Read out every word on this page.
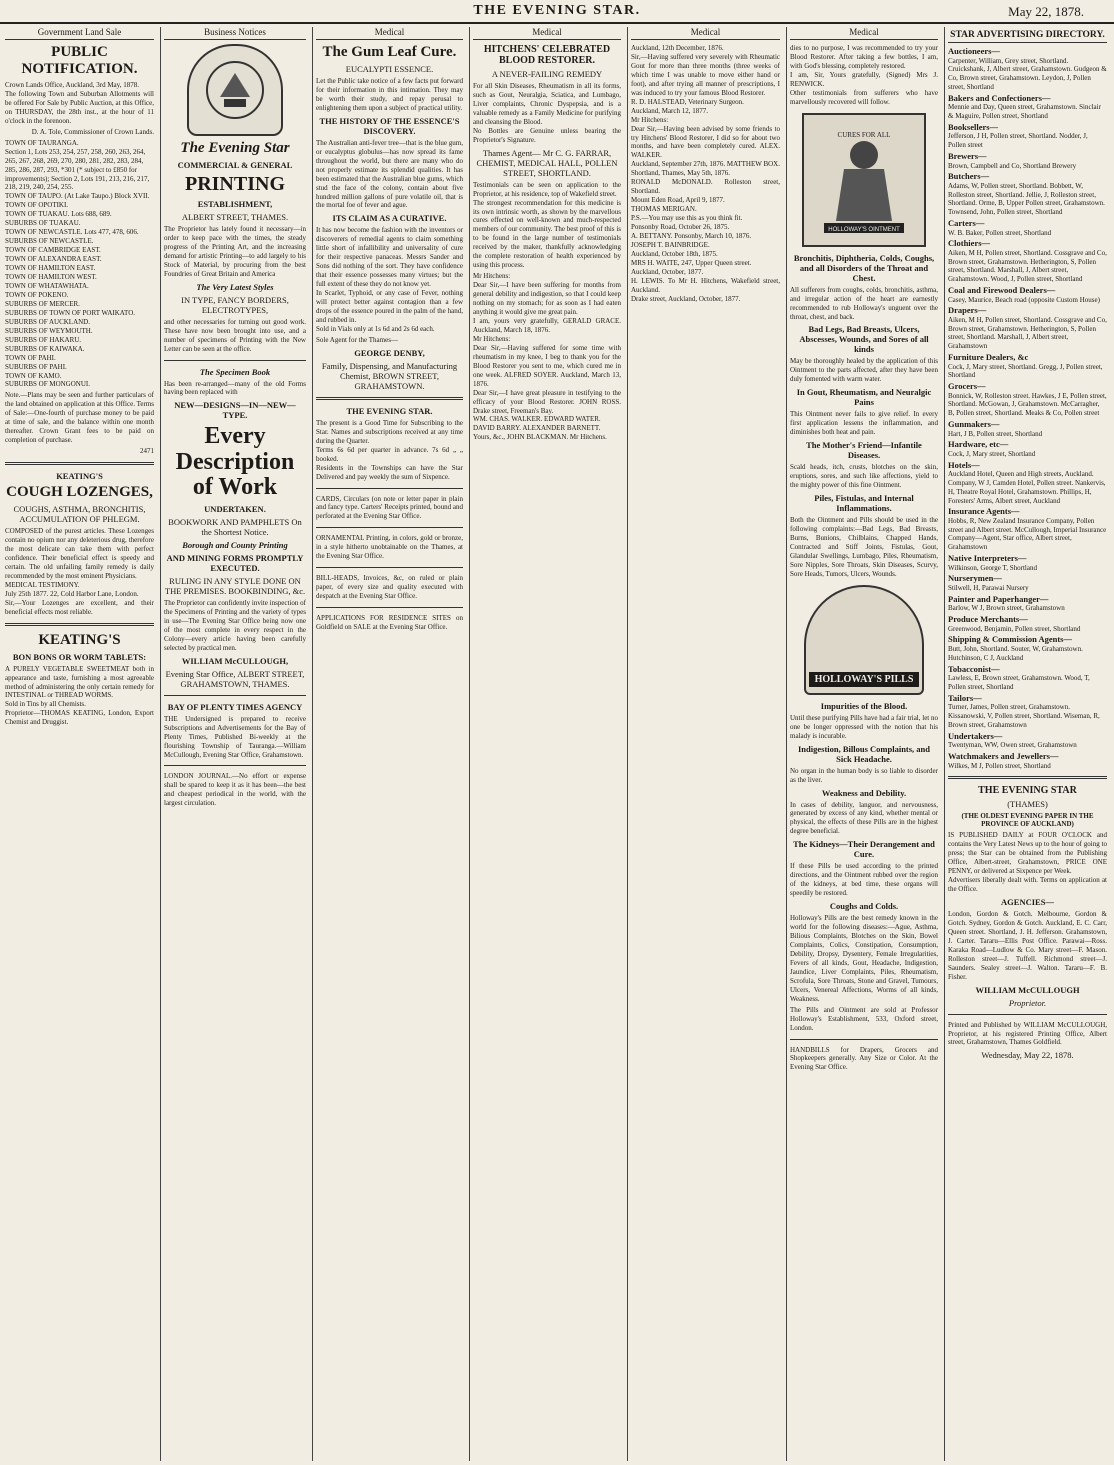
THE EVENING STAR.	May 22, 1878.
Government Land Sale
PUBLIC NOTIFICATION.
Crown Lands Office, Auckland, 3rd May, 1878.
The following Town and Suburban Allotments will be offered For Sale by Public Auction, at this Office, on THURSDAY, the 28th inst., at the hour of 11 o'clock in the forenoon.
D. A. Tole, Commissioner of Crown Lands.
TOWN OF TAURANGA.
Section 1, Lots 253, 254, 257, 258, 260, 263, 264, 265, 267, 268, 269, 270, 280, 281, 282, 283, 284, 285, 286, 287, 293, *301 (* subject to £850 for improvements); Section 2, Lots 191, 213, 216, 217, 218, 219, 240, 254, 255.
TOWN OF TAUPO. (At Lake Taupo.) Block XVII.
TOWN OF OPOTIKI.
TOWN OF TUAKAU. Lots 688, 689.
SUBURBS OF TUAKAU.
TOWN OF NEWCASTLE. Lots 477, 478, 606.
SUBURBS OF NEWCASTLE.
TOWN OF CAMBRIDGE EAST.
TOWN OF ALEXANDRA EAST.
TOWN OF HAMILTON EAST.
TOWN OF HAMILTON WEST.
TOWN OF WHATAWHATA.
TOWN OF POKENO.
SUBURBS OF MERCER.
SUBURBS OF TOWN OF PORT WAIKATO.
SUBURBS OF AUCKLAND.
SUBURBS OF WEYMOUTH.
SUBURBS OF HAKARU.
SUBURBS OF KAIWAKA.
TOWN OF PAHI.
SUBURBS OF PAHI.
TOWN OF KAMO.
SUBURBS OF MONGONUI.
Note.—Plans may be seen and further particulars of the land obtained on application at this Office. Terms of Sale:—One-fourth of purchase money to be paid at time of sale, and the balance within one month thereafter. Crown Grant fees to be paid on completion of purchase.
2471
KEATING'S
COUGH LOZENGES,
COUGHS, ASTHMA, BRONCHITIS, ACCUMULATION OF PHLEGM.
COMPOSED of the purest articles. These Lozenges contain no opium nor any deleterious drug, therefore the most delicate can take them with perfect confidence. Their beneficial effect is speedy and certain. The old unfailing family remedy is daily recommended by the most eminent Physicians.
MEDICAL TESTIMONY.
July 25th 1877. 22, Cold Harbor Lane, London.
Sir,—Your Lozenges are excellent, and their beneficial effects most reliable.
KEATING'S
BON BONS OR WORM TABLETS:
A PURELY VEGETABLE SWEETMEAT both in appearance and taste, furnishing a most agreeable method of administering the only certain remedy for INTESTINAL or THREAD WORMS.
Sold in Tins by all Chemists.
Proprietor—THOMAS KEATING, London, Export Chemist and Druggist.
Business Notices
The Evening Star
COMMERCIAL & GENERAL
PRINTING
ESTABLISHMENT,
ALBERT STREET, THAMES.
The Proprietor has lately found it necessary—in order to keep pace with the times, the steady progress of the Printing Art, and the increasing demand for artistic Printing—to add largely to his Stock of Material, by procuring from the best Foundries of Great Britain and America
The Very Latest Styles
IN TYPE, FANCY BORDERS, ELECTROTYPES,
and other necessaries for turning out good work. These have now been brought into use, and a number of specimens of Printing with the New Letter can be seen at the office.
The Specimen Book
Has been re-arranged—many of the old Forms having been replaced with
NEW—DESIGNS—IN—NEW—TYPE.
Every Description of Work
UNDERTAKEN.
BOOKWORK AND PAMPHLETS On the Shortest Notice.
Borough and County Printing
AND MINING FORMS PROMPTLY EXECUTED.
RULING IN ANY STYLE DONE ON THE PREMISES. BOOKBINDING, &c.
The Proprietor can confidently invite inspection of the Specimens of Printing and the variety of types in use—The Evening Star Office being now one of the most complete in every respect in the Colony—every article having been carefully selected by practical men.
WILLIAM McCULLOUGH,
Evening Star Office, ALBERT STREET, GRAHAMSTOWN, THAMES.
BAY OF PLENTY TIMES AGENCY
THE Undersigned is prepared to receive Subscriptions and Advertisements for the Bay of Plenty Times, Published Bi-weekly at the flourishing Township of Tauranga.—William McCullough, Evening Star Office, Grahamstown.
LONDON JOURNAL.—No effort or expense shall be spared to keep it as it has been—the best and cheapest periodical in the world, with the largest circulation.
Medical
The Gum Leaf Cure.
EUCALYPTI ESSENCE.
Let the Public take notice of a few facts put forward for their information in this intimation. They may be worth their study, and repay perusal to enlightening them upon a subject of practical utility.
THE HISTORY OF THE ESSENCE'S DISCOVERY.
The Australian anti-fever tree—that is the blue gum, or eucalyptus globulus—has now spread its fame throughout the world, but there are many who do not properly estimate its splendid qualities. It has been estimated that the Australian blue gums, which stud the face of the colony, contain about five hundred million gallons of pure volatile oil, that is the mortal foe of fever and ague.
ITS CLAIM AS A CURATIVE.
It has now become the fashion with the inventors or discoverers of remedial agents to claim something little short of infallibility and universality of cure for their respective panaceas. Messrs Sander and Sons did nothing of the sort. They have confidence that their essence possesses many virtues; but the full extent of these they do not know yet.
In Scarlet, Typhoid, or any case of Fever, nothing will protect better against contagion than a few drops of the essence poured in the palm of the hand, and rubbed in.
Sold in Vials only at 1s 6d and 2s 6d each.
Sole Agent for the Thames—
GEORGE DENBY,
Family, Dispensing, and Manufacturing Chemist, BROWN STREET, GRAHAMSTOWN.
THE EVENING STAR.
The present is a Good Time for Subscribing to the Star. Names and subscriptions received at any time during the Quarter.
Terms 6s 6d per quarter in advance. 7s 6d „ „ booked.
Residents in the Townships can have the Star Delivered and pay weekly the sum of Sixpence.
CARDS, Circulars (on note or letter paper in plain and fancy type. Carters' Receipts printed, bound and perforated at the Evening Star Office.
ORNAMENTAL Printing, in colors, gold or bronze, in a style hitherto unobtainable on the Thames, at the Evening Star Office.
BILL-HEADS, Invoices, &c, on ruled or plain paper, of every size and quality executed with despatch at the Evening Star Office.
APPLICATIONS FOR RESIDENCE SITES on Goldfield on SALE at the Evening Star Office.
Medical
HITCHENS' CELEBRATED BLOOD RESTORER.
A NEVER-FAILING REMEDY
For all Skin Diseases, Rheumatism in all its forms, such as Gout, Neuralgia, Sciatica, and Lumbago, Liver complaints, Chronic Dyspepsia, and is a valuable remedy as a Family Medicine for purifying and cleansing the Blood.
No Bottles are Genuine unless bearing the Proprietor's Signature.
Thames Agent— Mr C. G. FARRAR, CHEMIST, MEDICAL HALL, POLLEN STREET, SHORTLAND.
Testimonials can be seen on application to the Proprietor, at his residence, top of Wakefield street.
The strongest recommendation for this medicine is its own intrinsic worth, as shown by the marvellous cures effected on well-known and much-respected members of our community. The best proof of this is to be found in the large number of testimonials received by the maker, thankfully acknowledging the complete restoration of health experienced by using this process.
Mr Hitchens:
Dear Sir,—I have been suffering for months from general debility and indigestion, so that I could keep nothing on my stomach; for as soon as I had eaten anything it would give me great pain.
I am, yours very gratefully, GERALD GRACE. Auckland, March 18, 1876.
Mr Hitchens:
Dear Sir,—Having suffered for some time with rheumatism in my knee, I beg to thank you for the Blood Restorer you sent to me, which cured me in one week. ALFRED SOYER. Auckland, March 13, 1876.
Dear Sir,—I have great pleasure in testifying to the efficacy of your Blood Restorer. JOHN ROSS. Drake street, Freeman's Bay.
WM. CHAS. WALKER. EDWARD WATER.
DAVID BARRY. ALEXANDER BARNETT.
Yours, &c., JOHN BLACKMAN. Mr Hitchens.
Medical
Auckland, 12th December, 1876.
Sir,—Having suffered very severely with Rheumatic Gout for more than three months (three weeks of which time I was unable to move either hand or foot), and after trying all manner of prescriptions, I was induced to try your famous Blood Restorer.
R. D. HALSTEAD, Veterinary Surgeon.
Auckland, March 12, 1877.
Mr Hitchens:
Dear Sir,—Having been advised by some friends to try Hitchens' Blood Restorer, I did so for about two months, and have been completely cured. ALEX. WALKER.
Auckland, September 27th, 1876. MATTHEW BOX.
Shortland, Thames, May 5th, 1876.
RONALD McDONALD. Rolleston street, Shortland.
Mount Eden Road, April 9, 1877.
THOMAS MERIGAN.
P.S.—You may use this as you think fit.
Ponsonby Road, October 26, 1875.
A. BETTANY. Ponsonby, March 10, 1876.
JOSEPH T. BAINBRIDGE.
Auckland, October 18th, 1875.
MRS H. WAITE, 247, Upper Queen street.
Auckland, October, 1877.
H. LEWIS. To Mr H. Hitchens, Wakefield street, Auckland.
Drake street, Auckland, October, 1877.
Medical
dies to no purpose, I was recommended to try your Blood Restorer. After taking a few bottles, I am, with God's blessing, completely restored.
I am, Sir, Yours gratefully, (Signed) Mrs J. RENWICK.
Other testimonials from sufferers who have marvellously recovered will follow.
HOLLOWAY'S OINTMENT
CURES FOR ALL
Bronchitis, Diphtheria, Colds, Coughs, and all Disorders of the Throat and Chest.
All sufferers from coughs, colds, bronchitis, asthma, and irregular action of the heart are earnestly recommended to rub Holloway's unguent over the throat, chest, and back.
Bad Legs, Bad Breasts, Ulcers, Abscesses, Wounds, and Sores of all kinds
May be thoroughly healed by the application of this Ointment to the parts affected, after they have been duly fomented with warm water.
In Gout, Rheumatism, and Neuralgic Pains
This Ointment never fails to give relief. In every first application lessens the inflammation, and diminishes both heat and pain.
The Mother's Friend—Infantile Diseases.
Scald heads, itch, crusts, blotches on the skin, eruptions, sores, and such like affections, yield to the mighty power of this fine Ointment.
Piles, Fistulas, and Internal Inflammations.
Both the Ointment and Pills should be used in the following complaints:—Bad Legs, Bad Breasts, Burns, Bunions, Chilblains, Chapped Hands, Contracted and Stiff Joints, Fistulas, Gout, Glandular Swellings, Lumbago, Piles, Rheumatism, Sore Nipples, Sore Throats, Skin Diseases, Scurvy, Sore Heads, Tumors, Ulcers, Wounds.
HOLLOWAY'S PILLS
Impurities of the Blood.
Until these purifying Pills have had a fair trial, let no one be longer oppressed with the notion that his malady is incurable.
Indigestion, Billous Complaints, and Sick Headache.
No organ in the human body is so liable to disorder as the liver.
Weakness and Debility.
In cases of debility, languor, and nervousness, generated by excess of any kind, whether mental or physical, the effects of these Pills are in the highest degree beneficial.
The Kidneys—Their Derangement and Cure.
If these Pills be used according to the printed directions, and the Ointment rubbed over the region of the kidneys, at bed time, these organs will speedily be restored.
Coughs and Colds.
Holloway's Pills are the best remedy known in the world for the following diseases:—Ague, Asthma, Bilious Complaints, Blotches on the Skin, Bowel Complaints, Colics, Constipation, Consumption, Debility, Dropsy, Dysentery, Female Irregularities, Fevers of all kinds, Gout, Headache, Indigestion, Jaundice, Liver Complaints, Piles, Rheumatism, Scrofula, Sore Throats, Stone and Gravel, Tumours, Ulcers, Venereal Affections, Worms of all kinds, Weakness.
The Pills and Ointment are sold at Professor Holloway's Establishment, 533, Oxford street, London.
HANDBILLS for Drapers, Grocers and Shopkeepers generally. Any Size or Color. At the Evening Star Office.
STAR ADVERTISING DIRECTORY.
Auctioneers—
Carpenter, William, Grey street, Shortland. Cruickshank, J, Albert street, Grahamstown. Gudgeon & Co, Brown street, Grahamstown. Leydon, J, Pollen street, Shortland
Bakers and Confectioners—
Mennie and Day, Queen street, Grahamstown. Sinclair & Maguire, Pollen street, Shortland
Booksellers—
Jefferson, J H, Pollen street, Shortland. Nodder, J, Pollen street
Brewers—
Brown, Campbell and Co, Shortland Brewery
Butchers—
Adams, W, Pollen street, Shortland. Bobbett, W, Rolleston street, Shortland. Jellie, J, Rolleston street, Shortland. Orme, B, Upper Pollen street, Grahamstown. Townsend, John, Pollen street, Shortland
Carters—
W. B. Baker, Pollen street, Shortland
Clothiers—
Aiken, M H, Pollen street, Shortland. Cossgrave and Co, Brown street, Grahamstown. Hetherington, S, Pollen street, Shortland. Marshall, J, Albert street, Grahamstown. Wood, J, Pollen street, Shortland
Coal and Firewood Dealers—
Casey, Maurice, Beach road (opposite Custom House)
Drapers—
Aiken, M H, Pollen street, Shortland. Cossgrave and Co, Brown street, Grahamstown. Hetherington, S, Pollen street, Shortland. Marshall, J, Albert street, Grahamstown
Furniture Dealers, &c
Cock, J, Mary street, Shortland. Gregg, J, Pollen street, Shortland
Grocers—
Bonnick, W, Rolleston street. Hawkes, J E, Pollen street, Shortland. McGowan, J, Grahamstown. McCarragher, B, Pollen street, Shortland. Meaks & Co, Pollen street
Gunmakers—
Hart, J B, Pollen street, Shortland
Hardware, etc—
Cock, J, Mary street, Shortland
Hotels—
Auckland Hotel, Queen and High streets, Auckland. Company, W J, Camden Hotel, Pollen street. Nankervis, H, Theatre Royal Hotel, Grahamstown. Phillips, H, Foresters' Arms, Albert street, Auckland
Insurance Agents—
Hobbs, R, New Zealand Insurance Company, Pollen street and Albert street. McCullough, Imperial Insurance Company—Agent, Star office, Albert street, Grahamstown
Native Interpreters—
Wilkinson, George T, Shortland
Nurserymen—
Stilwell, H, Parawai Nursery
Painter and Paperhanger—
Barlow, W J, Brown street, Grahamstown
Produce Merchants—
Greenwood, Benjamin, Pollen street, Shortland
Shipping & Commission Agents—
Butt, John, Shortland. Souter, W, Grahamstown. Hutchinson, C J, Auckland
Tobacconist—
Lawless, E, Brown street, Grahamstown. Wood, T, Pollen street, Shortland
Tailors—
Turner, James, Pollen street, Grahamstown. Kissanowski, V, Pollen street, Shortland. Wiseman, R, Brown street, Grahamstown
Undertakers—
Twentyman, WW, Owen street, Grahamstown
Watchmakers and Jewellers—
Wilkes, M J, Pollen street, Shortland
THE EVENING STAR
(THAMES)
(THE OLDEST EVENING PAPER IN THE PROVINCE OF AUCKLAND)
IS PUBLISHED DAILY at FOUR O'CLOCK and contains the Very Latest News up to the hour of going to press; the Star can be obtained from the Publishing Office, Albert-street, Grahamstown, PRICE ONE PENNY, or delivered at Sixpence per Week.
Advertisers liberally dealt with. Terms on application at the Office.
AGENCIES—
London, Gordon & Gotch. Melbourne, Gordon & Gotch. Sydney, Gordon & Gotch. Auckland, E. C. Carr, Queen street. Shortland, J. H. Jefferson. Grahamstown, J. Carter. Tararu—Ellis Post Office. Parawai—Ross. Karaka Road—Ludlow & Co. Mary street—F. Mason. Rolleston street—J. Tuffell. Richmond street—J. Saunders. Sealey street—J. Walton. Tararu—F. B. Fisher.
WILLIAM McCULLOUGH
Proprietor.
Printed and Published by WILLIAM McCULLOUGH, Proprietor, at his registered Printing Office, Albert street, Grahamstown, Thames Goldfield.
Wednesday, May 22, 1878.
